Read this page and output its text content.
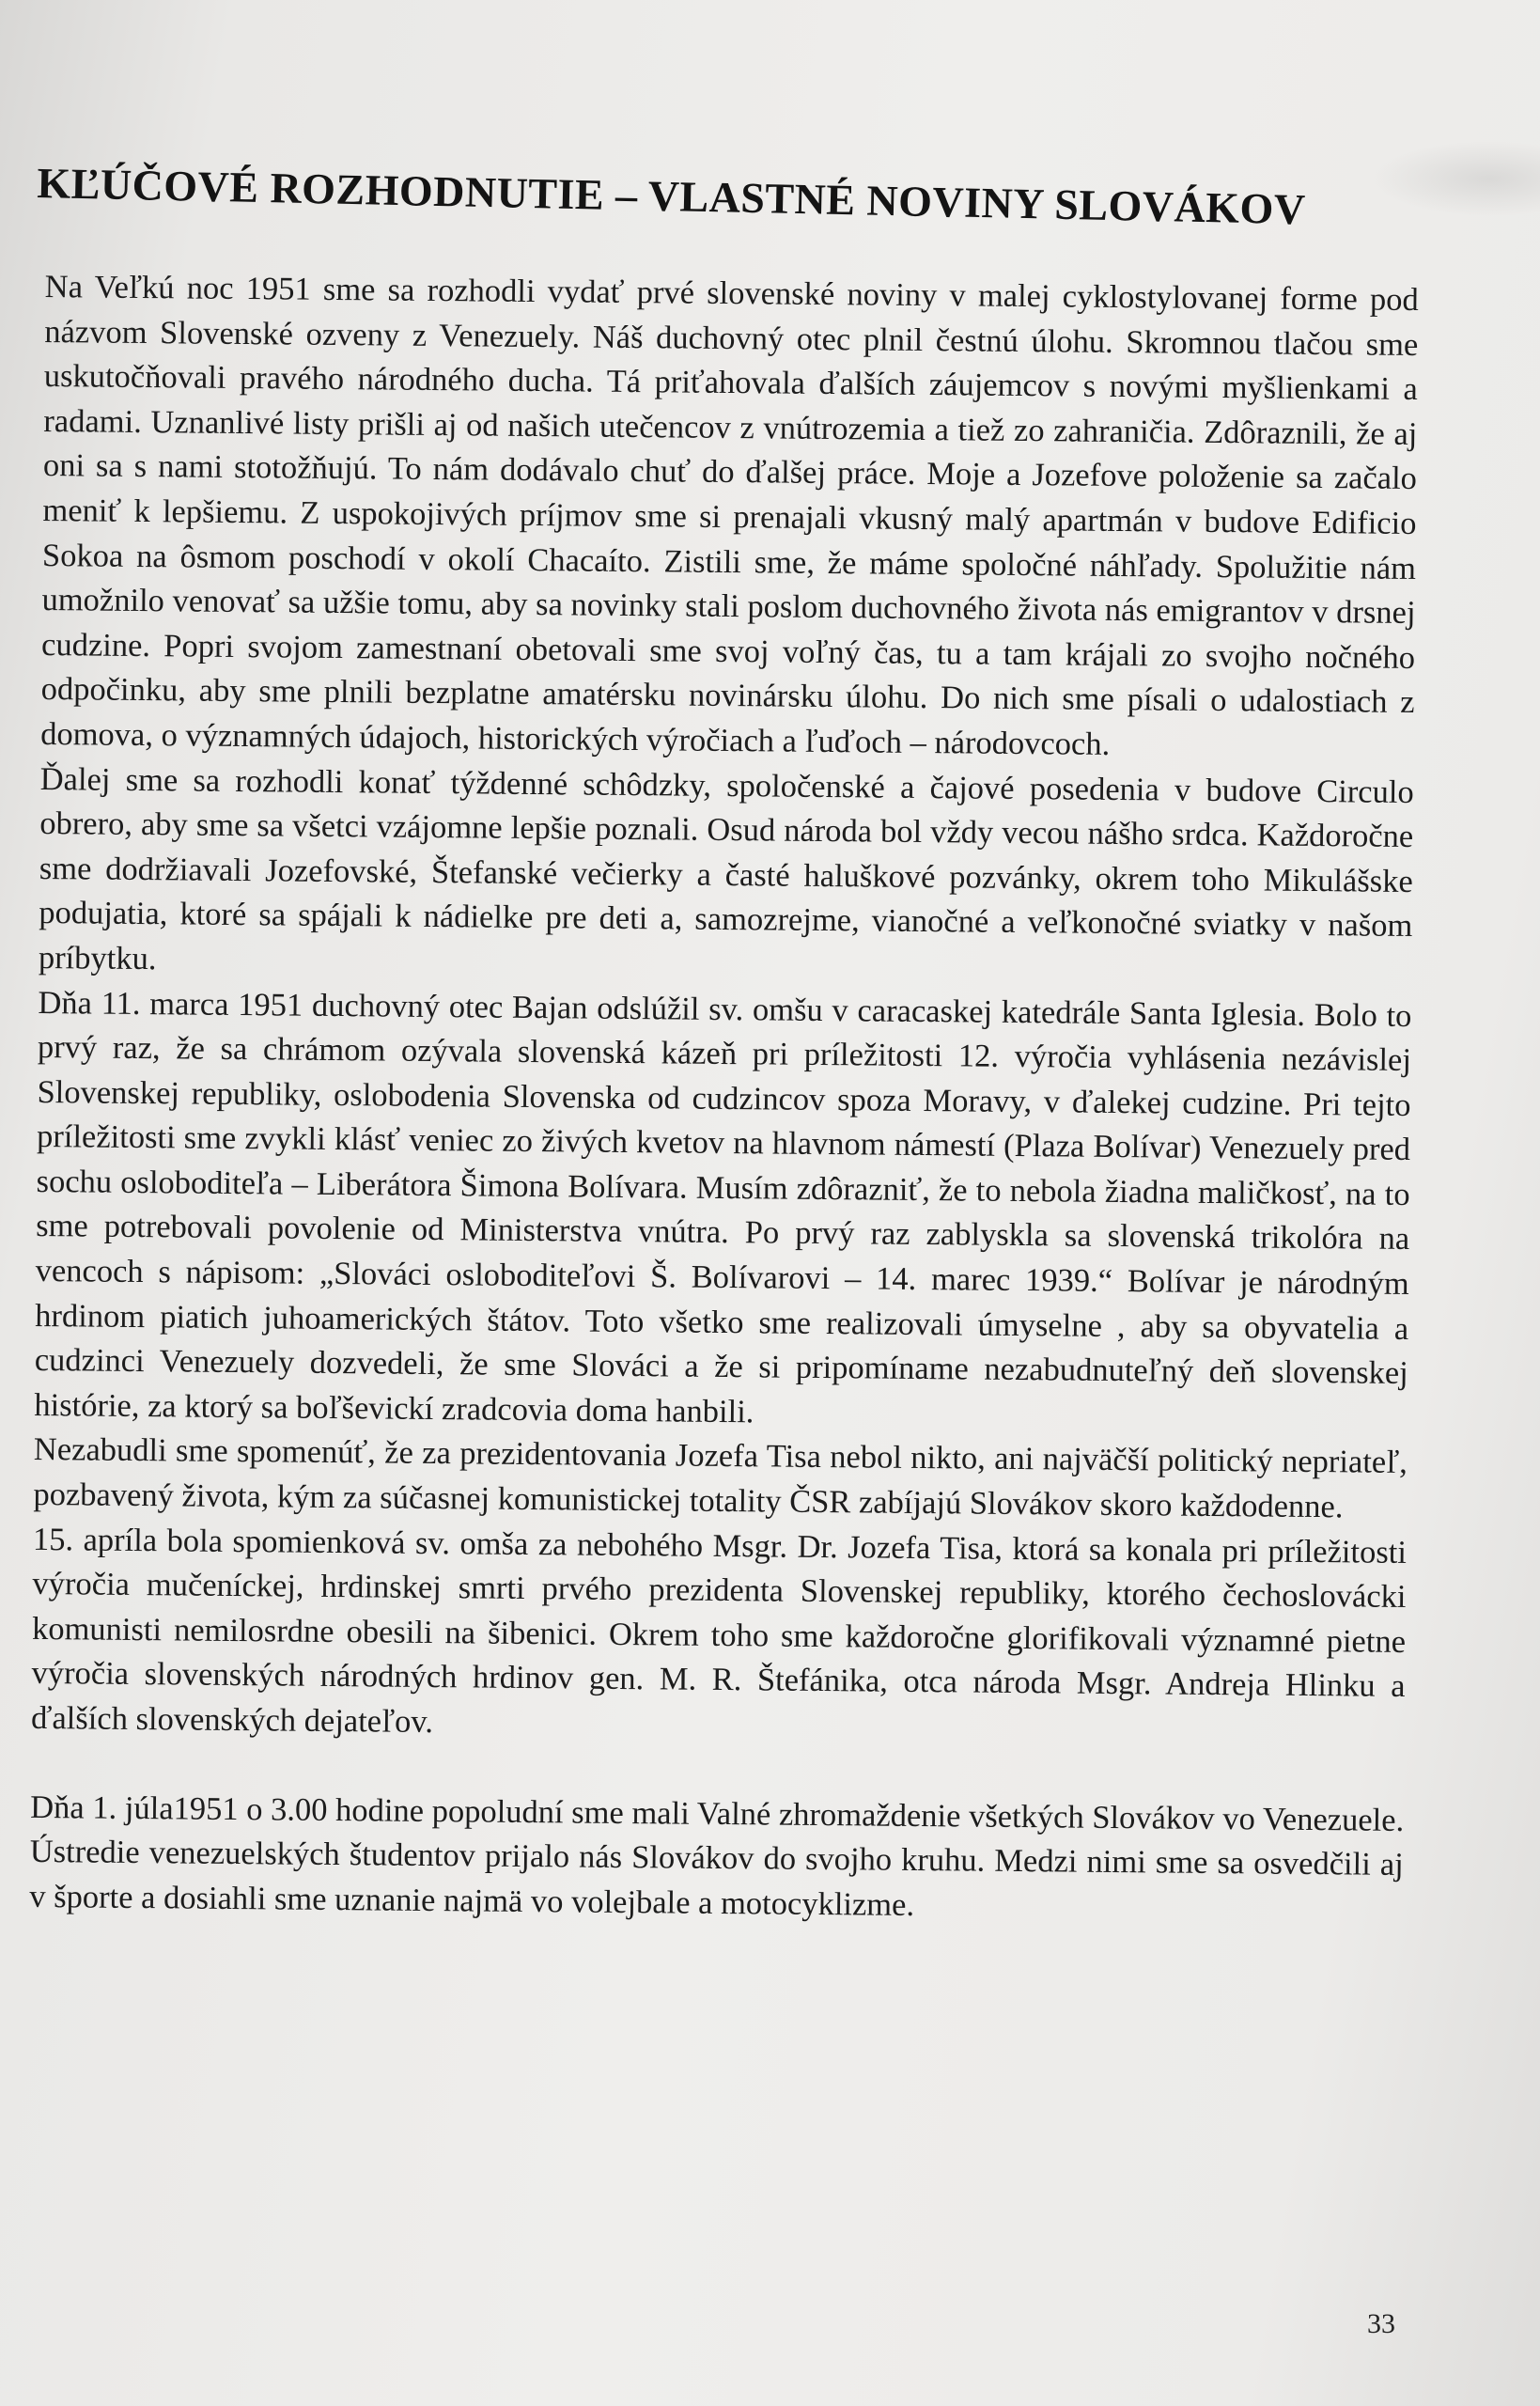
KĽÚČOVÉ ROZHODNUTIE – VLASTNÉ NOVINY SLOVÁKOV

Na Veľkú noc 1951 sme sa rozhodli vydať prvé slovenské noviny v malej cyklostylovanej forme pod názvom Slovenské ozveny z Venezuely. Náš duchovný otec plnil čestnú úlohu. Skromnou tlačou sme uskutočňovali pravého národného ducha. Tá priťahovala ďalších záujemcov s novými myšlienkami a radami. Uznanlivé listy prišli aj od našich utečencov z vnútrozemia a tiež zo zahraničia. Zdôraznili, že aj oni sa s nami stotožňujú. To nám dodávalo chuť do ďalšej práce. Moje a Jozefove položenie sa začalo meniť k lepšiemu. Z uspokojivých príjmov sme si prenajali vkusný malý apartmán v budove Edificio Sokoa na ôsmom poschodí v okolí Chacaíto. Zistili sme, že máme spoločné náhľady. Spolužitie nám umožnilo venovať sa užšie tomu, aby sa novinky stali poslom duchovného života nás emigrantov v drsnej cudzine. Popri svojom zamestnaní obetovali sme svoj voľný čas, tu a tam krájali zo svojho nočného odpočinku, aby sme plnili bezplatne amatérsku novinársku úlohu. Do nich sme písali o udalostiach z domova, o významných údajoch, historických výročiach a ľuďoch – národovcoch.

Ďalej sme sa rozhodli konať týždenné schôdzky, spoločenské a čajové posedenia v budove Circulo obrero, aby sme sa všetci vzájomne lepšie poznali. Osud národa bol vždy vecou nášho srdca. Každoročne sme dodržiavali Jozefovské, Štefanské večierky a časté haluškové pozvánky, okrem toho Mikulášske podujatia, ktoré sa spájali k nádielke pre deti a, samozrejme, vianočné a veľkonočné sviatky v našom príbytku.

Dňa 11. marca 1951 duchovný otec Bajan odslúžil sv. omšu v caracaskej katedrále Santa Iglesia. Bolo to prvý raz, že sa chrámom ozývala slovenská kázeň pri príležitosti 12. výročia vyhlásenia nezávislej Slovenskej republiky, oslobodenia Slovenska od cudzincov spoza Moravy, v ďalekej cudzine. Pri tejto príležitosti sme zvykli klásť veniec zo živých kvetov na hlavnom námestí (Plaza Bolívar) Venezuely pred sochu osloboditeľa – Liberátora Šimona Bolívara. Musím zdôrazniť, že to nebola žiadna maličkosť, na to sme potrebovali povolenie od Ministerstva vnútra. Po prvý raz zablyskla sa slovenská trikolóra na vencoch s nápisom: „Slováci osloboditeľovi Š. Bolívarovi – 14. marec 1939.“ Bolívar je národným hrdinom piatich juhoamerických štátov. Toto všetko sme realizovali úmyselne , aby sa obyvatelia a cudzinci Venezuely dozvedeli, že sme Slováci a že si pripomíname nezabudnuteľný deň slovenskej histórie, za ktorý sa boľševickí zradcovia doma hanbili.

Nezabudli sme spomenúť, že za prezidentovania Jozefa Tisa nebol nikto, ani najväčší politický nepriateľ, pozbavený života, kým za súčasnej komunistickej totality ČSR zabíjajú Slovákov skoro každodenne.

15. apríla bola spomienková sv. omša za nebohého Msgr. Dr. Jozefa Tisa, ktorá sa konala pri príležitosti výročia mučeníckej, hrdinskej smrti prvého prezidenta Slovenskej republiky, ktorého čechoslovácki komunisti nemilosrdne obesili na šibenici. Okrem toho sme každoročne glorifikovali významné pietne výročia slovenských národných hrdinov gen. M. R. Štefánika, otca národa Msgr. Andreja Hlinku a ďalších slovenských dejateľov.

Dňa 1. júla1951 o 3.00 hodine popoludní sme mali Valné zhromaždenie všetkých Slovákov vo Venezuele. Ústredie venezuelských študentov prijalo nás Slovákov do svojho kruhu. Medzi nimi sme sa osvedčili aj v športe a dosiahli sme uznanie najmä vo volejbale a motocyklizme.

33
